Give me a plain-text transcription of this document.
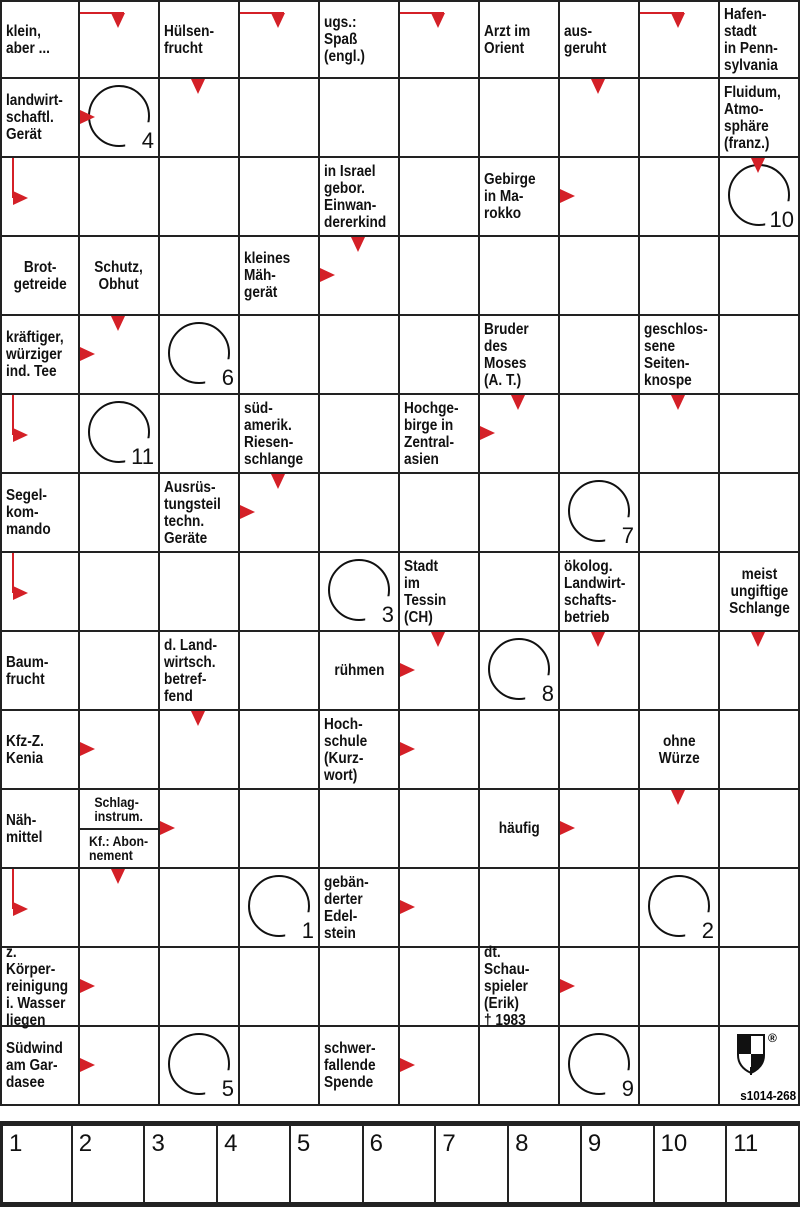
klein,
aber ...
Hülsen-
frucht
ugs.:
Spaß
(engl.)
Arzt im
Orient
aus-
geruht
Hafen-
stadt
in Penn-
sylvania
landwirt-
schaftl.
Gerät	4
Fluidum,
Atmo-
sphäre
(franz.)
in Israel
gebor.
Einwan-
dererkind
Gebirge
in Ma-
rokko	10
Brot-
getreide
Schutz,
Obhut
kleines
Mäh-
gerät
kräftiger,
würziger
ind. Tee	6
Bruder
des
Moses
(A. T.)
geschlos-
sene
Seiten-
knospe
11
süd-
amerik.
Riesen-
schlange
Hochge-
birge in
Zentral-
asien
Segel-
kom-
mando
Ausrüs-
tungsteil
techn.
Geräte	7
3
Stadt
im
Tessin
(CH)
ökolog.
Landwirt-
schafts-
betrieb
meist
ungiftige
Schlange
Baum-
frucht
d. Land-
wirtsch.
betref-
fend
rühmen
8
Kfz-Z.
Kenia
Hoch-
schule
(Kurz-
wort)
ohne
Würze
Näh-
mittel
Schlag-
instrum.
Kf.: Abon-
nement
häufig
1
gebän-
derter
Edel-
stein	2
z. Körper-
reinigung
i. Wasser
liegen
dt. Schau-
spieler
(Erik)
† 1983
Südwind
am Gar-
dasee	5
schwer-
fallende
Spende	9
®
s1014-268
1 2 3 4 5 6 7 8 9 10 11
